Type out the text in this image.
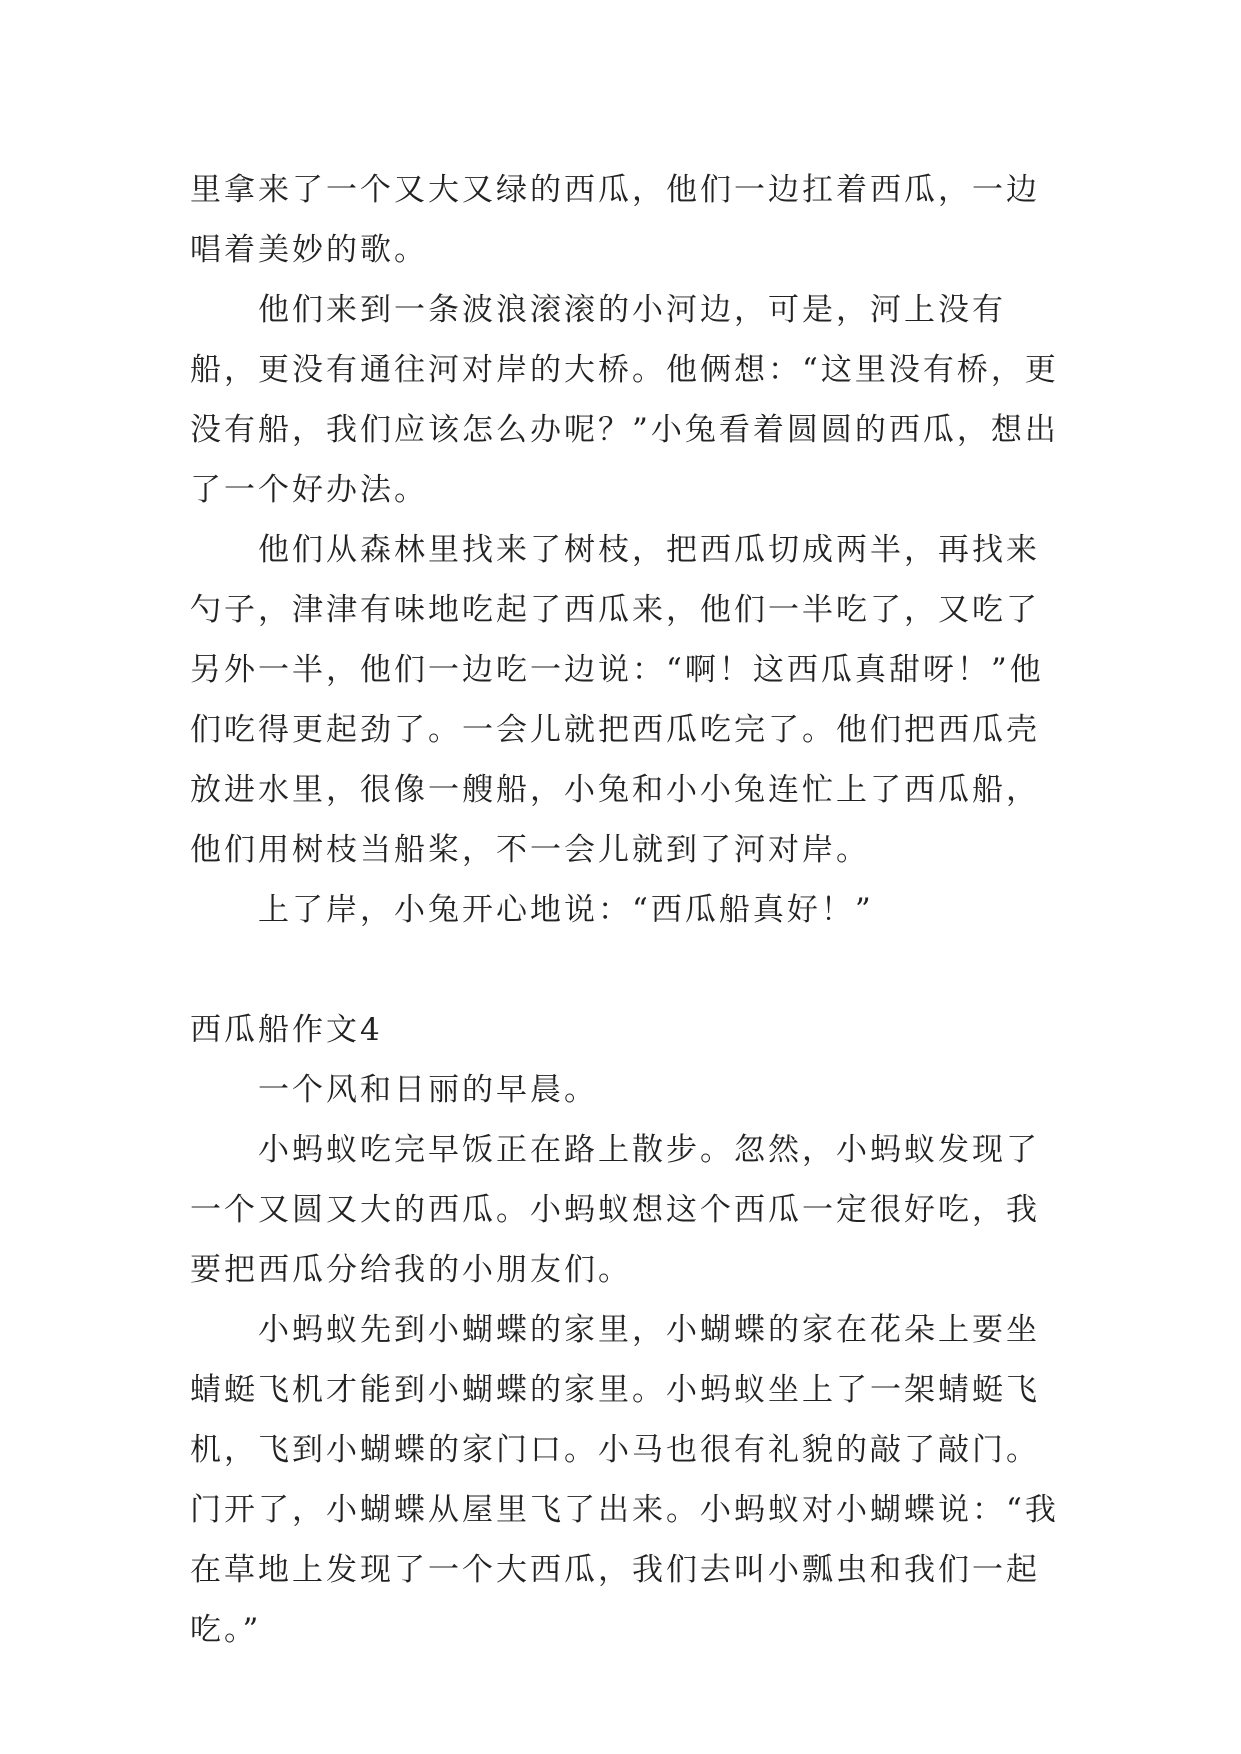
里拿来了一个又大又绿的西瓜，他们一边扛着西瓜，一边唱着美妙的歌。

他们来到一条波浪滚滚的小河边，可是，河上没有船，更没有通往河对岸的大桥。他俩想：“这里没有桥，更没有船，我们应该怎么办呢？”小兔看着圆圆的西瓜，想出了一个好办法。

他们从森林里找来了树枝，把西瓜切成两半，再找来勺子，津津有味地吃起了西瓜来，他们一半吃了，又吃了另外一半，他们一边吃一边说：“啊！这西瓜真甜呀！”他们吃得更起劲了。一会儿就把西瓜吃完了。他们把西瓜壳放进水里，很像一艘船，小兔和小小兔连忙上了西瓜船，他们用树枝当船桨，不一会儿就到了河对岸。

上了岸，小兔开心地说：“西瓜船真好！”

西瓜船作文4

一个风和日丽的早晨。

小蚂蚁吃完早饭正在路上散步。忽然，小蚂蚁发现了一个又圆又大的西瓜。小蚂蚁想这个西瓜一定很好吃，我要把西瓜分给我的小朋友们。

小蚂蚁先到小蝴蝶的家里，小蝴蝶的家在花朵上要坐蜻蜓飞机才能到小蝴蝶的家里。小蚂蚁坐上了一架蜻蜓飞机，飞到小蝴蝶的家门口。小马也很有礼貌的敲了敲门。门开了，小蝴蝶从屋里飞了出来。小蚂蚁对小蝴蝶说：“我在草地上发现了一个大西瓜，我们去叫小瓢虫和我们一起吃。”
